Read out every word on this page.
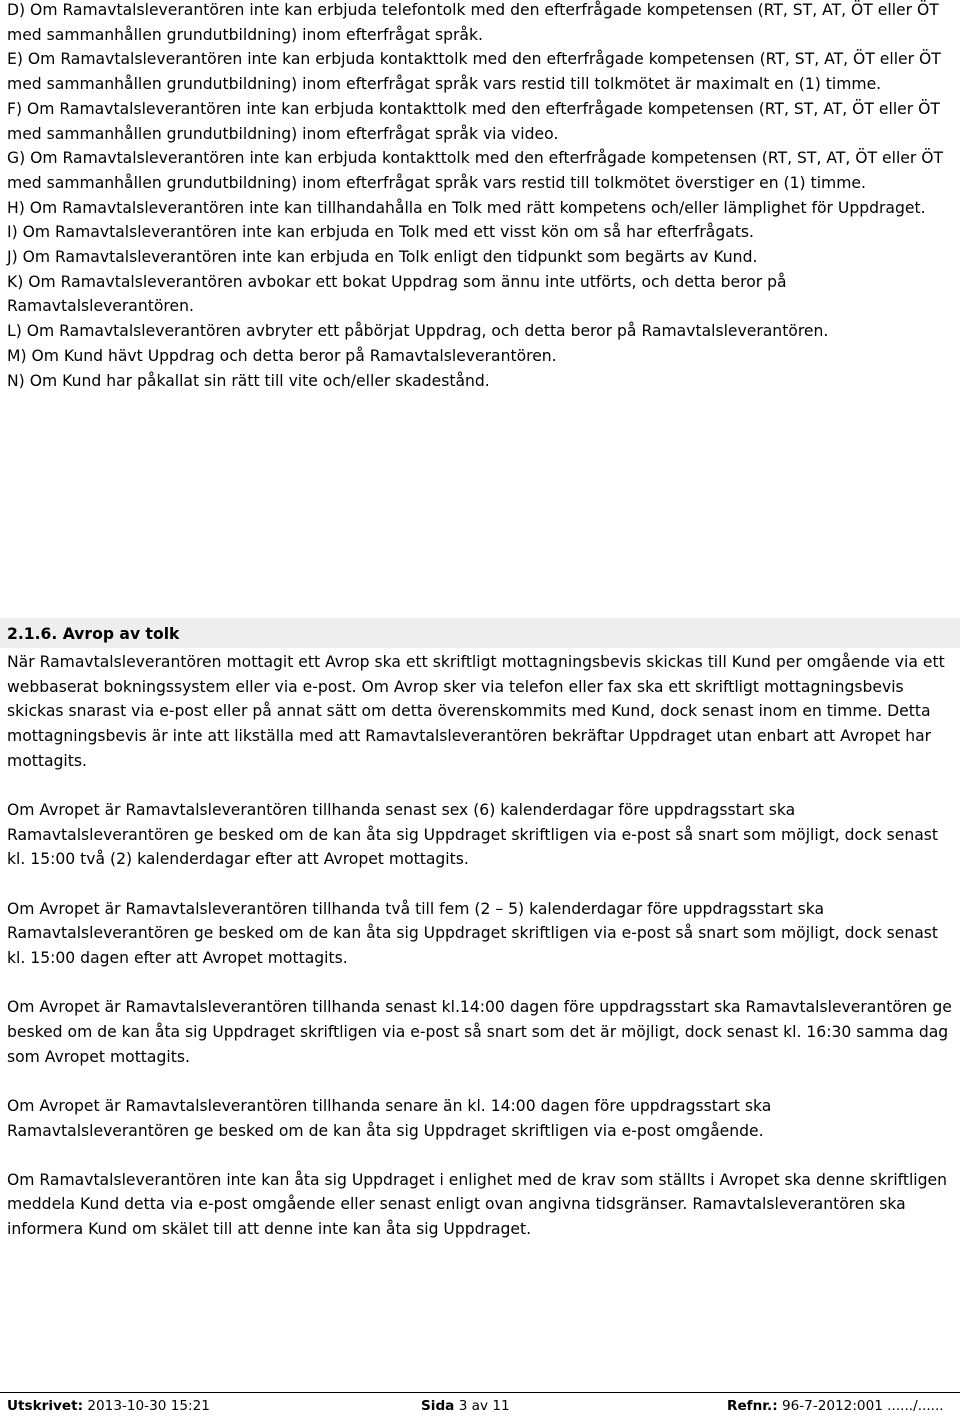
D) Om Ramavtalsleverantören inte kan erbjuda telefontolk med den efterfrågade kompetensen (RT, ST, AT, ÖT eller ÖT med sammanhållen grundutbildning) inom efterfrågat språk.

E) Om Ramavtalsleverantören inte kan erbjuda kontakttolk med den efterfrågade kompetensen (RT, ST, AT, ÖT eller ÖT med sammanhållen grundutbildning) inom efterfrågat språk vars restid till tolkmötet är maximalt en (1) timme.

F) Om Ramavtalsleverantören inte kan erbjuda kontakttolk med den efterfrågade kompetensen (RT, ST, AT, ÖT eller ÖT med sammanhållen grundutbildning) inom efterfrågat språk via video.

G) Om Ramavtalsleverantören inte kan erbjuda kontakttolk med den efterfrågade kompetensen (RT, ST, AT, ÖT eller ÖT med sammanhållen grundutbildning) inom efterfrågat språk vars restid till tolkmötet överstiger en (1) timme.

H) Om Ramavtalsleverantören inte kan tillhandahålla en Tolk med rätt kompetens och/eller lämplighet för Uppdraget.

I) Om Ramavtalsleverantören inte kan erbjuda en Tolk med ett visst kön om så har efterfrågats.

J) Om Ramavtalsleverantören inte kan erbjuda en Tolk enligt den tidpunkt som begärts av Kund.

K) Om Ramavtalsleverantören avbokar ett bokat Uppdrag som ännu inte utförts, och detta beror på Ramavtalsleverantören.

L) Om Ramavtalsleverantören avbryter ett påbörjat Uppdrag, och detta beror på Ramavtalsleverantören.

M) Om Kund hävt Uppdrag och detta beror på Ramavtalsleverantören.

N) Om Kund har påkallat sin rätt till vite och/eller skadestånd.

2.1.6. Avrop av tolk

När Ramavtalsleverantören mottagit ett Avrop ska ett skriftligt mottagningsbevis skickas till Kund per omgående via ett webbaserat bokningssystem eller via e-post. Om Avrop sker via telefon eller fax ska ett skriftligt mottagningsbevis skickas snarast via e-post eller på annat sätt om detta överenskommits med Kund, dock senast inom en timme. Detta mottagningsbevis är inte att likställa med att Ramavtalsleverantören bekräftar Uppdraget utan enbart att Avropet har mottagits.

Om Avropet är Ramavtalsleverantören tillhanda senast sex (6) kalenderdagar före uppdragsstart ska Ramavtalsleverantören ge besked om de kan åta sig Uppdraget skriftligen via e-post så snart som möjligt, dock senast kl. 15:00 två (2) kalenderdagar efter att Avropet mottagits.

Om Avropet är Ramavtalsleverantören tillhanda två till fem (2 – 5) kalenderdagar före uppdragsstart ska Ramavtalsleverantören ge besked om de kan åta sig Uppdraget skriftligen via e-post så snart som möjligt, dock senast kl. 15:00 dagen efter att Avropet mottagits.

Om Avropet är Ramavtalsleverantören tillhanda senast kl.14:00 dagen före uppdragsstart ska Ramavtalsleverantören ge besked om de kan åta sig Uppdraget skriftligen via e-post så snart som det är möjligt, dock senast kl. 16:30 samma dag som Avropet mottagits.

Om Avropet är Ramavtalsleverantören tillhanda senare än kl. 14:00 dagen före uppdragsstart ska Ramavtalsleverantören ge besked om de kan åta sig Uppdraget skriftligen via e-post omgående.

Om Ramavtalsleverantören inte kan åta sig Uppdraget i enlighet med de krav som ställts i Avropet ska denne skriftligen meddela Kund detta via e-post omgående eller senast enligt ovan angivna tidsgränser. Ramavtalsleverantören ska informera Kund om skälet till att denne inte kan åta sig Uppdraget.

Utskrivet: 2013-10-30 15:21	Sida 3 av 11	Refnr.: 96-7-2012:001 ....../......
